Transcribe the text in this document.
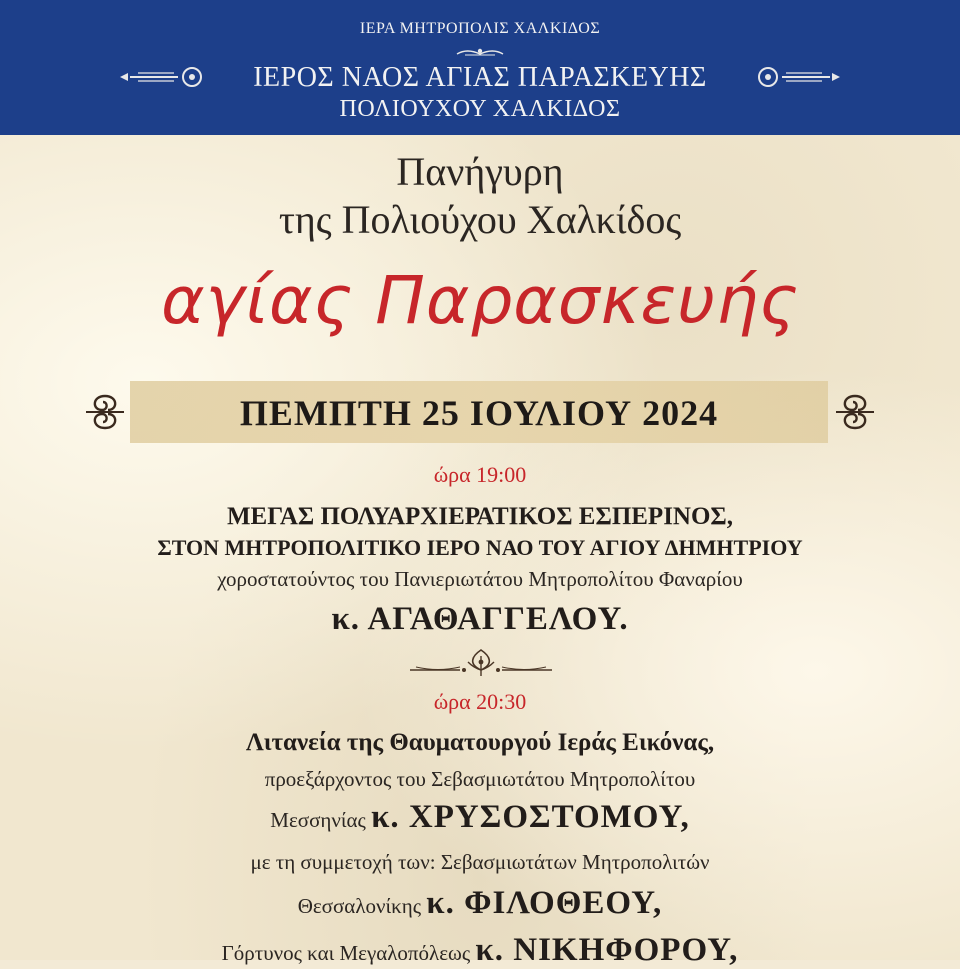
ΙΕΡΑ ΜΗΤΡΟΠΟΛΙΣ ΧΑΛΚΙΔΟΣ
ΙΕΡΟΣ ΝΑΟΣ ΑΓΙΑΣ ΠΑΡΑΣΚΕΥΗΣ
ΠΟΛΙΟΥΧΟΥ ΧΑΛΚΙΔΟΣ
Πανήγυρη
της Πολιούχου Χαλκίδος
αγίας Παρασκευής
ΠΕΜΠΤΗ 25 ΙΟΥΛΙΟΥ 2024
ώρα 19:00
ΜΕΓΑΣ ΠΟΛΥΑΡΧΙΕΡΑΤΙΚΟΣ ΕΣΠΕΡΙΝΟΣ,
ΣΤΟΝ ΜΗΤΡΟΠΟΛΙΤΙΚΟ ΙΕΡΟ ΝΑΟ ΤΟΥ ΑΓΙΟΥ ΔΗΜΗΤΡΙΟΥ
χοροστατούντος του Πανιεριωτάτου Μητροπολίτου Φαναρίου
κ. ΑΓΑΘΑΓΓΕΛΟΥ.
ώρα 20:30
Λιτανεία της Θαυματουργού Ιεράς Εικόνας,
προεξάρχοντος του Σεβασμιωτάτου Μητροπολίτου
Μεσσηνίας κ. ΧΡΥΣΟΣΤΟΜΟΥ,
με τη συμμετοχή των: Σεβασμιωτάτων Μητροπολιτών
Θεσσαλονίκης κ. ΦΙΛΟΘΕΟΥ,
Γόρτυνος και Μεγαλοπόλεως κ. ΝΙΚΗΦΟΡΟΥ,
